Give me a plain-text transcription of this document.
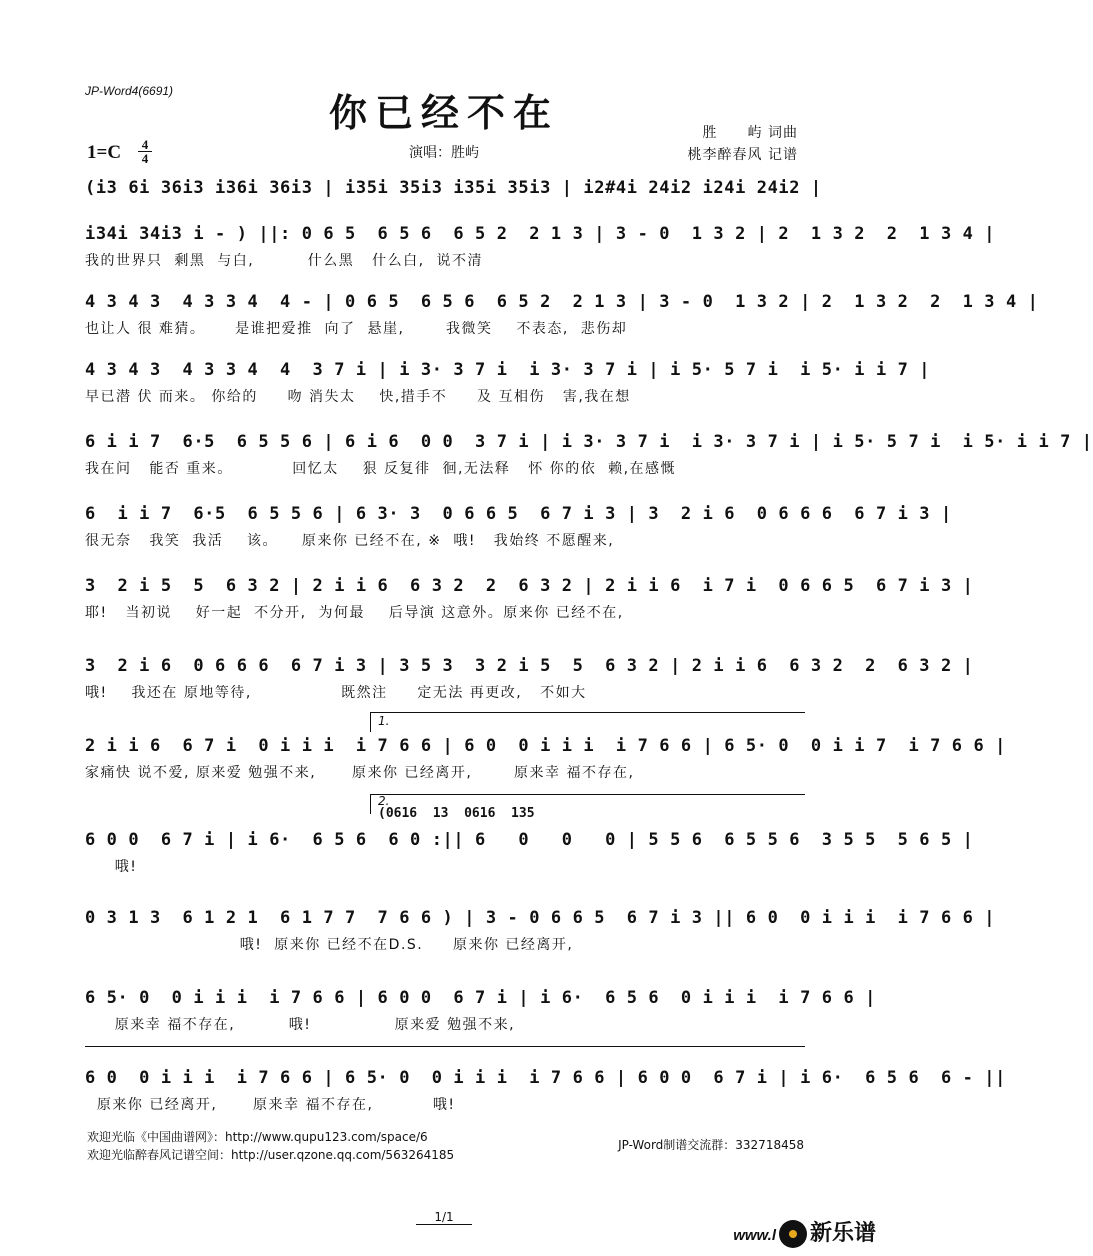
JP-Word4(6691)	你已经不在	胜　　屿 词曲
桃李醉春风 记谱
1=C 4
4	演唱：胜屿
(i3 6i 36i3 i36i 36i3 | i35i 35i3 i35i 35i3 | i2#4i 24i2 i24i 24i2 |
i34i 34i3 i - ) ||: 0 6 5  6 5 6  6 5 2  2 1 3 | 3 - 0  1 3 2 | 2  1 3 2  2  1 3 4 |
我的世界只  剩黑  与白,         什么黑   什么白,  说不清
4 3 4 3  4 3 3 4  4 - | 0 6 5  6 5 6  6 5 2  2 1 3 | 3 - 0  1 3 2 | 2  1 3 2  2  1 3 4 |
也让人 很 难猜。     是谁把爱推  向了  悬崖,       我微笑    不表态,  悲伤却
4 3 4 3  4 3 3 4  4  3 7 i | i 3· 3 7 i  i 3· 3 7 i | i 5· 5 7 i  i 5· i i 7 |
早已潜 伏 而来。 你给的     吻 消失太    快,措手不     及 互相伤   害,我在想
6 i i 7  6·5  6 5 5 6 | 6 i 6  0 0  3 7 i | i 3· 3 7 i  i 3· 3 7 i | i 5· 5 7 i  i 5· i i 7 |
我在问   能否 重来。          回忆太    狠 反复徘  徊,无法释   怀 你的依  赖,在感慨
6  i i 7  6·5  6 5 5 6 | 6 3· 3  0 6 6 5  6 7 i 3 | 3  2 i 6  0 6 6 6  6 7 i 3 |
很无奈   我笑  我活    该。    原来你 已经不在, ※  哦!   我始终 不愿醒来,
3  2 i 5  5  6 3 2 | 2 i i 6  6 3 2  2  6 3 2 | 2 i i 6  i 7 i  0 6 6 5  6 7 i 3 |
耶!   当初说    好一起  不分开,  为何最    后导演 这意外。原来你 已经不在,
3  2 i 6  0 6 6 6  6 7 i 3 | 3 5 3  3 2 i 5  5  6 3 2 | 2 i i 6  6 3 2  2  6 3 2 |
哦!    我还在 原地等待,               既然注     定无法 再更改,   不如大
1.
2 i i 6  6 7 i  0 i i i  i 7 6 6 | 6 0  0 i i i  i 7 6 6 | 6 5· 0  0 i i 7  i 7 6 6 |
家痛快 说不爱, 原来爱 勉强不来,      原来你 已经离开,       原来幸 福不存在,
2.
(0616  13  0616  135
6 0 0  6 7 i | i 6·  6 5 6  6 0 :|| 6   0   0   0 | 5 5 6  6 5 5 6  3 5 5  5 6 5 |
哦!
0 3 1 3  6 1 2 1  6 1 7 7  7 6 6 ) | 3 - 0 6 6 5  6 7 i 3 || 6 0  0 i i i  i 7 6 6 |
哦!  原来你 已经不在D.S.     原来你 已经离开,
6 5· 0  0 i i i  i 7 6 6 | 6 0 0  6 7 i | i 6·  6 5 6  0 i i i  i 7 6 6 |
原来幸 福不存在,         哦!              原来爱 勉强不来,
6 0  0 i i i  i 7 6 6 | 6 5· 0  0 i i i  i 7 6 6 | 6 0 0  6 7 i | i 6·  6 5 6  6 - ||
原来你 已经离开,      原来幸 福不存在,          哦!
欢迎光临《中国曲谱网》：http://www.qupu123.com/space/6
欢迎光临醉春风记谱空间：http://user.qzone.qq.com/563264185
JP-Word制谱交流群：332718458
1/1
www.l 新乐谱
